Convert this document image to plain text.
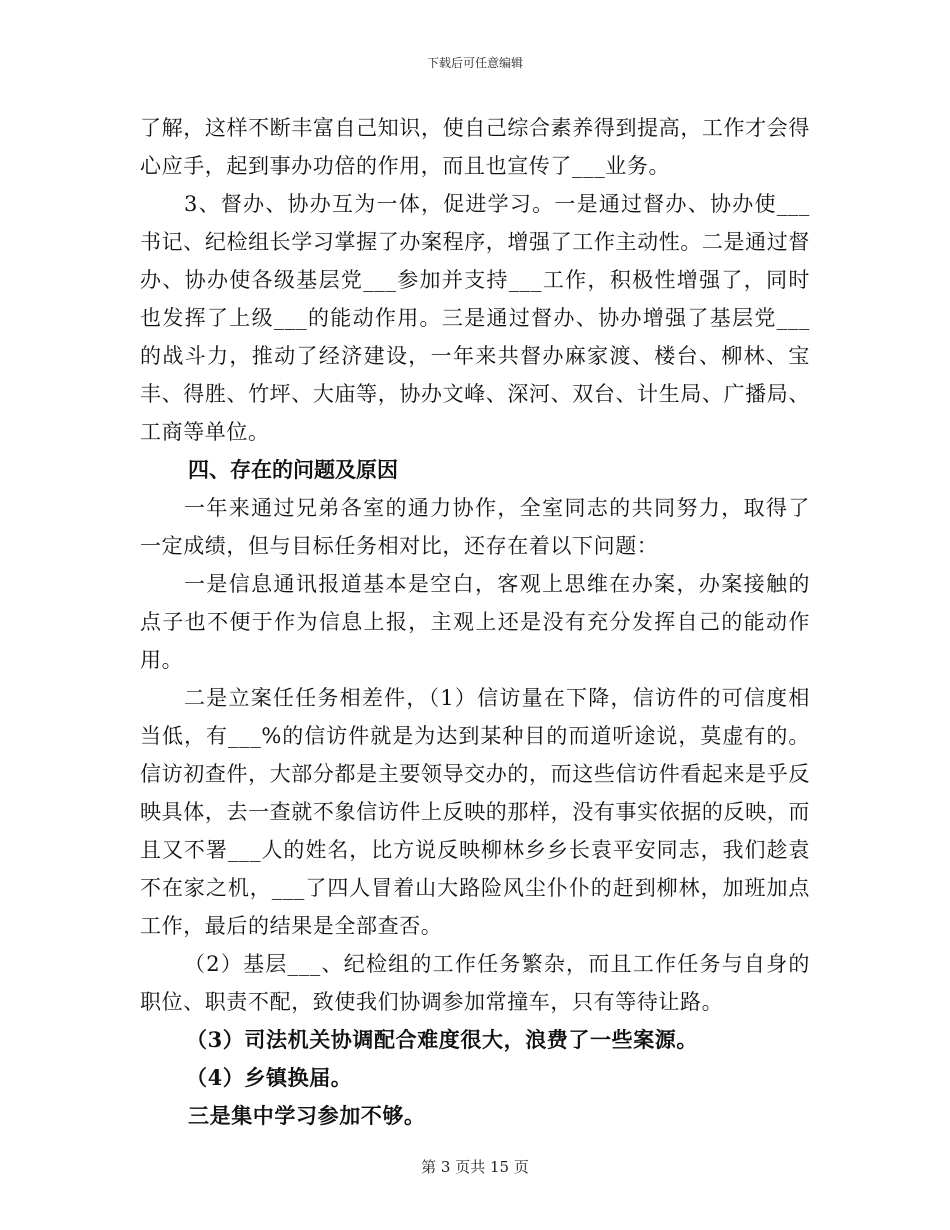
下载后可任意编辑

了解，这样不断丰富自己知识，使自己综合素养得到提高，工作才会得心应手，起到事办功倍的作用，而且也宣传了___业务。

3、督办、协办互为一体，促进学习。一是通过督办、协办使___书记、纪检组长学习掌握了办案程序，增强了工作主动性。二是通过督办、协办使各级基层党___参加并支持___工作，积极性增强了，同时也发挥了上级___的能动作用。三是通过督办、协办增强了基层党___的战斗力，推动了经济建设，一年来共督办麻家渡、楼台、柳林、宝丰、得胜、竹坪、大庙等，协办文峰、深河、双台、计生局、广播局、工商等单位。

四、存在的问题及原因

一年来通过兄弟各室的通力协作，全室同志的共同努力，取得了一定成绩，但与目标任务相对比，还存在着以下问题：

一是信息通讯报道基本是空白，客观上思维在办案，办案接触的点子也不便于作为信息上报，主观上还是没有充分发挥自己的能动作用。

二是立案任任务相差件，（1）信访量在下降，信访件的可信度相当低，有___%的信访件就是为达到某种目的而道听途说，莫虚有的。信访初查件，大部分都是主要领导交办的，而这些信访件看起来是乎反映具体，去一查就不象信访件上反映的那样，没有事实依据的反映，而且又不署___人的姓名，比方说反映柳林乡乡长袁平安同志，我们趁袁不在家之机，___了四人冒着山大路险风尘仆仆的赶到柳林，加班加点工作，最后的结果是全部查否。

（2）基层___、纪检组的工作任务繁杂，而且工作任务与自身的职位、职责不配，致使我们协调参加常撞车，只有等待让路。

（3）司法机关协调配合难度很大，浪费了一些案源。

（4）乡镇换届。

三是集中学习参加不够。

第 3 页共 15 页
